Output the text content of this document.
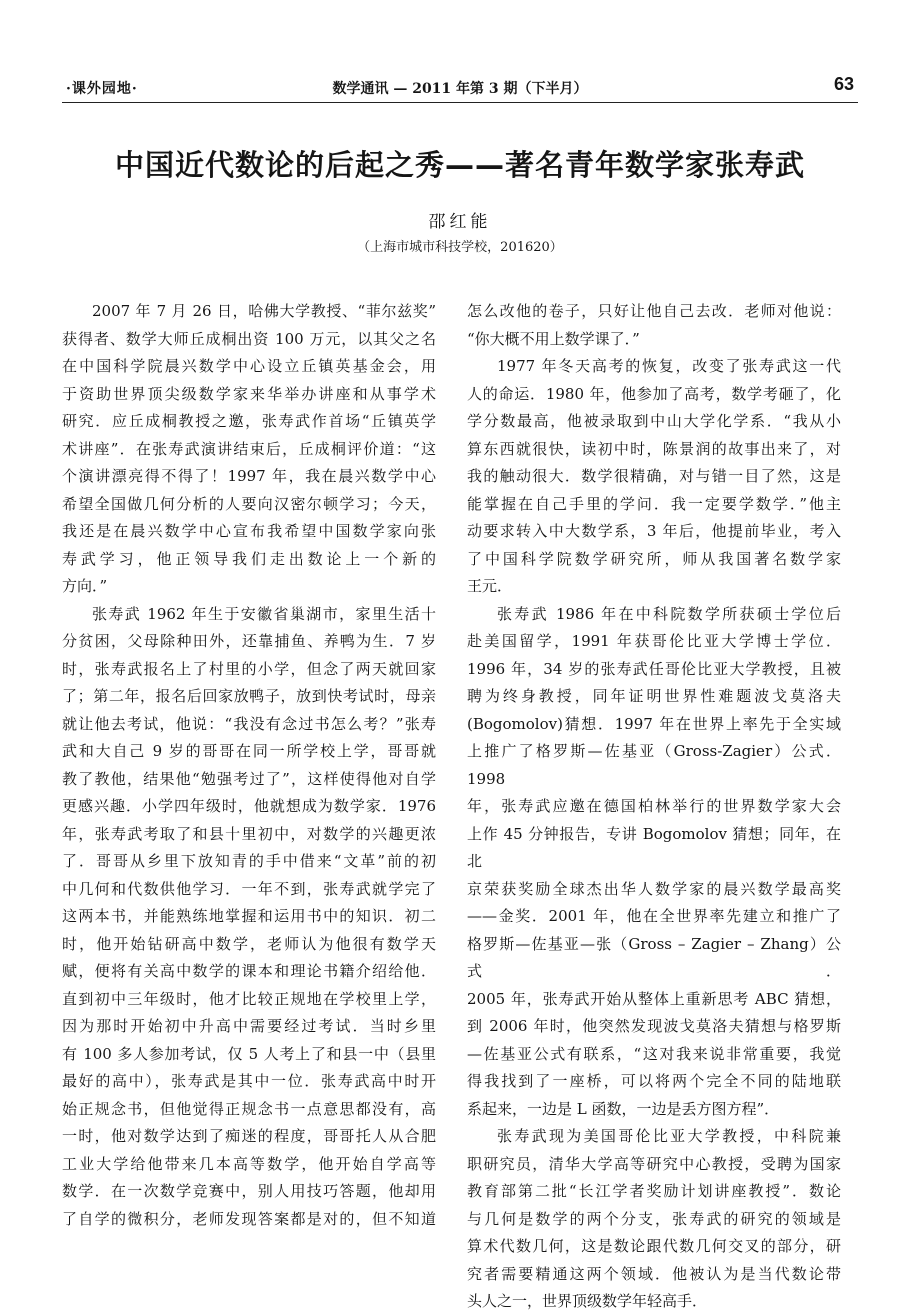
·课外园地·	数学通讯 — 2011 年第 3 期（下半月）	63
中国近代数论的后起之秀——著名青年数学家张寿武
邵红能
（上海市城市科技学校，201620）

2007 年 7 月 26 日，哈佛大学教授、“菲尔兹奖”

获得者、数学大师丘成桐出资 100 万元，以其父之名

在中国科学院晨兴数学中心设立丘镇英基金会，用

于资助世界顶尖级数学家来华举办讲座和从事学术

研究．应丘成桐教授之邀，张寿武作首场“丘镇英学

术讲座”．在张寿武演讲结束后，丘成桐评价道：“这

个演讲漂亮得不得了！1997 年，我在晨兴数学中心

希望全国做几何分析的人要向汉密尔顿学习；今天，

我还是在晨兴数学中心宣布我希望中国数学家向张

寿武学习，他正领导我们走出数论上一个新的

方向．”

张寿武 1962 年生于安徽省巢湖市，家里生活十

分贫困，父母除种田外，还靠捕鱼、养鸭为生．7 岁

时，张寿武报名上了村里的小学，但念了两天就回家

了；第二年，报名后回家放鸭子，放到快考试时，母亲

就让他去考试，他说：“我没有念过书怎么考？”张寿

武和大自己 9 岁的哥哥在同一所学校上学，哥哥就

教了教他，结果他“勉强考过了”，这样使得他对自学

更感兴趣．小学四年级时，他就想成为数学家．1976

年，张寿武考取了和县十里初中，对数学的兴趣更浓

了．哥哥从乡里下放知青的手中借来“文革”前的初

中几何和代数供他学习．一年不到，张寿武就学完了

这两本书，并能熟练地掌握和运用书中的知识．初二

时，他开始钻研高中数学，老师认为他很有数学天

赋，便将有关高中数学的课本和理论书籍介绍给他．

直到初中三年级时，他才比较正规地在学校里上学，

因为那时开始初中升高中需要经过考试．当时乡里

有 100 多人参加考试，仅 5 人考上了和县一中（县里

最好的高中），张寿武是其中一位．张寿武高中时开

始正规念书，但他觉得正规念书一点意思都没有，高

一时，他对数学达到了痴迷的程度，哥哥托人从合肥

工业大学给他带来几本高等数学，他开始自学高等

数学．在一次数学竞赛中，别人用技巧答题，他却用

了自学的微积分，老师发现答案都是对的，但不知道

怎么改他的卷子，只好让他自己去改．老师对他说：

“你大概不用上数学课了．”

1977 年冬天高考的恢复，改变了张寿武这一代

人的命运．1980 年，他参加了高考，数学考砸了，化

学分数最高，他被录取到中山大学化学系．“我从小

算东西就很快，读初中时，陈景润的故事出来了，对

我的触动很大．数学很精确，对与错一目了然，这是

能掌握在自己手里的学问．我一定要学数学．”他主

动要求转入中大数学系，3 年后，他提前毕业，考入

了中国科学院数学研究所，师从我国著名数学家

王元．

张寿武 1986 年在中科院数学所获硕士学位后

赴美国留学，1991 年获哥伦比亚大学博士学位．

1996 年，34 岁的张寿武任哥伦比亚大学教授，且被

聘为终身教授，同年证明世界性难题波戈莫洛夫

(Bogomolov)猜想．1997 年在世界上率先于全实域

上推广了格罗斯—佐基亚（Gross-Zagier）公式．1998

年，张寿武应邀在德国柏林举行的世界数学家大会

上作 45 分钟报告，专讲 Bogomolov 猜想；同年，在北

京荣获奖励全球杰出华人数学家的晨兴数学最高奖

——金奖．2001 年，他在全世界率先建立和推广了

格罗斯—佐基亚—张（Gross – Zagier – Zhang）公式．

2005 年，张寿武开始从整体上重新思考 ABC 猜想，

到 2006 年时，他突然发现波戈莫洛夫猜想与格罗斯

—佐基亚公式有联系，“这对我来说非常重要，我觉

得我找到了一座桥，可以将两个完全不同的陆地联

系起来，一边是 L 函数，一边是丢方图方程”．

张寿武现为美国哥伦比亚大学教授，中科院兼

职研究员，清华大学高等研究中心教授，受聘为国家

教育部第二批“长江学者奖励计划讲座教授”．数论

与几何是数学的两个分支，张寿武的研究的领域是

算术代数几何，这是数论跟代数几何交叉的部分，研

究者需要精通这两个领域．他被认为是当代数论带

头人之一，世界顶级数学年轻高手．
